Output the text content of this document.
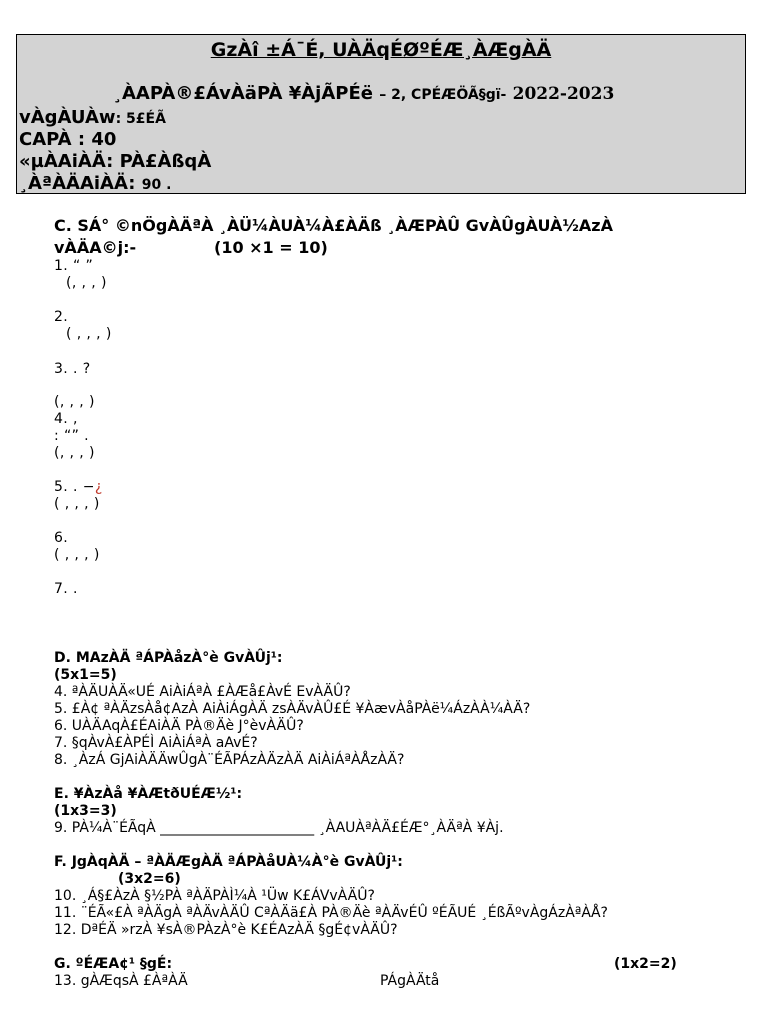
GzÀî ±Á¯É, UÀÄqÉØºÉÆ¸ÀÆgÀÄ
¸ÀAPÀ®£ÁvÀäPÀ ¥ÀjÃPÉë – 2, CPÉÆÖÃ§gï- 2022-2023
vÀgÀUÀw: 5£ÉÃ
CAPÀ : 40
«µÀAiÀÄ: PÀ£ÀßqÀ
¸ÀªÀÄAiÀÄ: 90 .
C. SÁ° ©nÖgÀÄªÀ ¸ÀÜ¼ÀUÀ¼À£ÀÄß ¸ÀÆPÀÛ GvÀÛgÀUÀ½AzÀ
vÀÄA©j:-	(10 ×1 = 10)
1. “ ”
(, , , )
2.
( , , , )
3. . ?
(, , , )
4. ,
: “” .
(, , , )
5. . −¿
( , , , )
6.
( , , , )
7. .
D. MAzÀÄ ªÁPÀåzÀ°è GvÀÛj¹:
(5x1=5)
4. ªÀÄUÀÄ«UÉ AiÀiÁªÀ £ÀÆå£ÀvÉ EvÀÄÛ?
5. £À¢ ªÀÄzsÀå¢AzÀ AiÀiÁgÀÄ zsÀÄvÀÛ£É ¥ÀævÀåPÀë¼ÁzÀÀ¼ÀÄ?
6. UÀÄAqÀ£ÉAiÀÄ PÀ®Äè J°èvÀÄÛ?
7. §qÀvÀ£ÀPÉÌ AiÀiÁªÀ aAvÉ?
8. ¸ÀzÁ GjAiÀÄÄwÛgÀ¨ÉÃPÁzÀÄzÀÄ AiÀiÁªÀÅzÀÄ?
E. ¥ÀzÀå ¥ÀÆtðUÉÆ½¹:
(1x3=3)
9. PÀ¼À¨ÉÃqÀ ______________________ ¸ÀAUÀªÀÄ£ÉÆ°¸ÀÄªÀ ¥Àj.
F. JgÀqÀÄ – ªÀÄÆgÀÄ ªÁPÀåUÀ¼À°è GvÀÛj¹:
(3x2=6)
10. ¸Á§£ÀzÀ §½PÀ ªÀÄPÀÌ¼À ¹Üw K£ÁVvÀÄÛ?
11. ¨ÉÃ«£À ªÀÄgÀ ªÀÄvÀÄÛ CªÀÄä£À PÀ®Äè ªÀÄvÉÛ ºÉÃUÉ ¸ÉßÃºvÀgÁzÀªÀÅ?
12. DªÉÄ »rzÀ ¥sÀ®PÀzÀ°è K£ÉAzÀÄ §gÉ¢vÀÄÛ?
G. ºÉÆA¢¹ §gÉ:	(1x2=2)
13. gÀÆqsÀ £ÀªÀÄ	PÁgÀÄtå
